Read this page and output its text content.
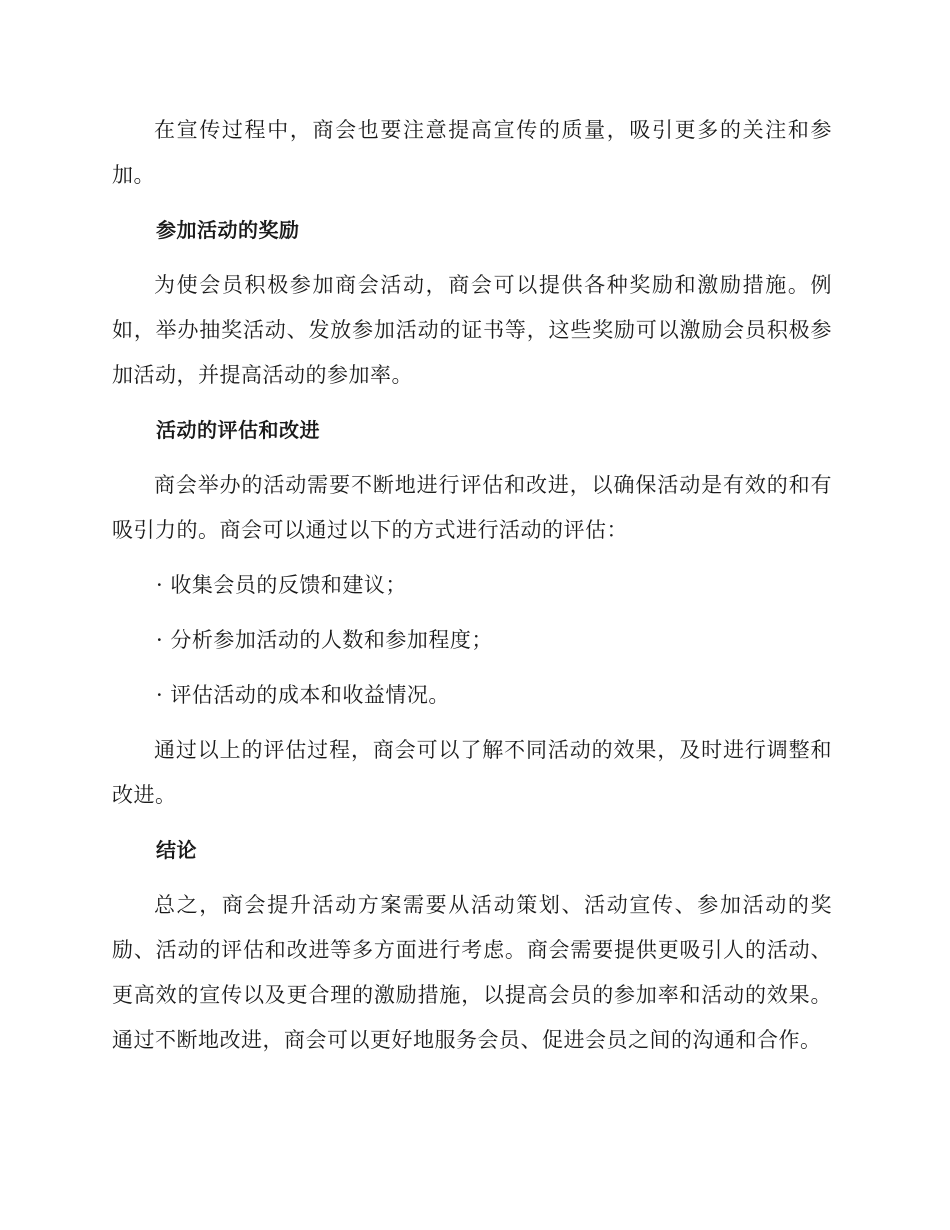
在宣传过程中，商会也要注意提高宣传的质量，吸引更多的关注和参加。

参加活动的奖励

为使会员积极参加商会活动，商会可以提供各种奖励和激励措施。例如，举办抽奖活动、发放参加活动的证书等，这些奖励可以激励会员积极参加活动，并提高活动的参加率。

活动的评估和改进

商会举办的活动需要不断地进行评估和改进，以确保活动是有效的和有吸引力的。商会可以通过以下的方式进行活动的评估：

· 收集会员的反馈和建议；
· 分析参加活动的人数和参加程度；
· 评估活动的成本和收益情况。

通过以上的评估过程，商会可以了解不同活动的效果，及时进行调整和改进。

结论

总之，商会提升活动方案需要从活动策划、活动宣传、参加活动的奖励、活动的评估和改进等多方面进行考虑。商会需要提供更吸引人的活动、更高效的宣传以及更合理的激励措施，以提高会员的参加率和活动的效果。通过不断地改进，商会可以更好地服务会员、促进会员之间的沟通和合作。
